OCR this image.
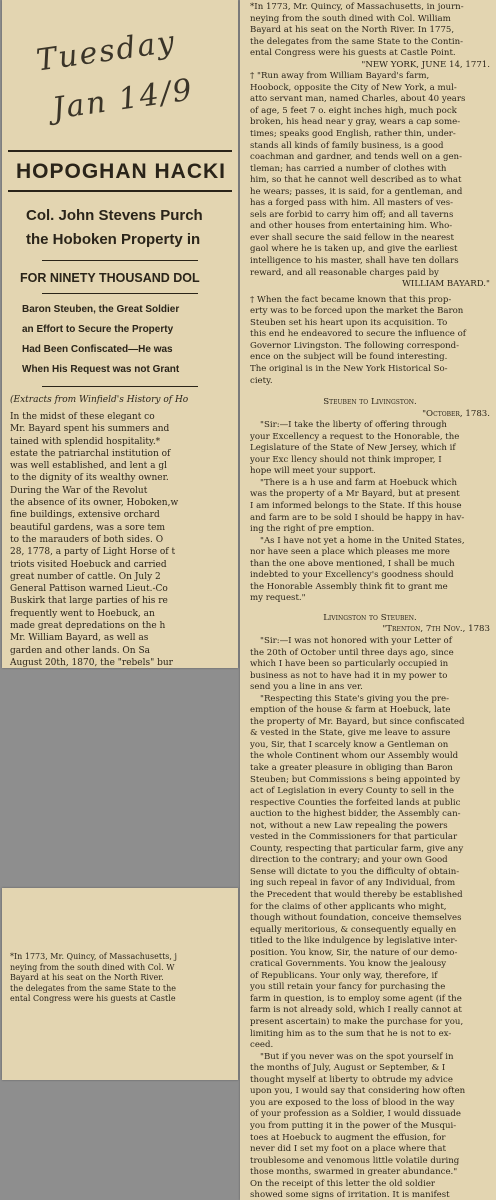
Tuesday
Jan 14/9
HOPOGHAN HACKI
Col. John Stevens Purch
the Hoboken Property in
FOR NINETY THOUSAND DOL
Baron Steuben, the Great Soldier
an Effort to Secure the Property
Had Been Confiscated—He was
When His Request was not Grant
(Extracts from Winfield's History of Ho

In the midst of these elegant co

Mr. Bayard spent his summers and

tained with splendid hospitality.*

estate the patriarchal institution of

was well established, and lent a gl

to the dignity of its wealthy owner.

During the War of the Revolut

the absence of its owner, Hoboken,w

fine buildings, extensive orchard

beautiful gardens, was a sore tem

to the marauders of both sides. O

28, 1778, a party of Light Horse of t

triots visited Hoebuck and carried

great number of cattle. On July 2

General Pattison warned Lieut.-Co

Buskirk that large parties of his re

frequently went to Hoebuck, an

made great depredations on the h

Mr. William Bayard, as well as

garden and other lands. On Sa

August 20th, 1870, the "rebels" bur

*In 1773, Mr. Quincy, of Massachusetts, j

neying from the south dined with Col. W

Bayard at his seat on the North River.

the delegates from the same State to the

ental Congress were his guests at Castle

*In 1773, Mr. Quincy, of Massachusetts, in journ-

neying from the south dined with Col. William

Bayard at his seat on the North River. In 1775,

the delegates from the same State to the Contin-

ental Congress were his guests at Castle Point.

"NEW YORK, JUNE 14, 1771.

† "Run away from William Bayard's farm,

Hoobock, opposite the City of New York, a mul-

atto servant man, named Charles, about 40 years

of age, 5 feet 7 o. eight inches high, much pock

broken, his head near y gray, wears a cap some-

times; speaks good English, rather thin, under-

stands all kinds of family business, is a good

coachman and gardner, and tends well on a gen-

tleman; has carried a number of clothes with

him, so that he cannot well described as to what

he wears; passes, it is said, for a gentleman, and

has a forged pass with him. All masters of ves-

sels are forbid to carry him off; and all taverns

and other houses from entertaining him. Who-

ever shall secure the said fellow in the nearest

gaol where he is taken up, and give the earliest

intelligence to his master, shall have ten dollars

reward, and all reasonable charges paid by

WILLIAM BAYARD."

† When the fact became known that this prop-

erty was to be forced upon the market the Baron

Steuben set his heart upon its acquisition. To

this end he endeavored to secure the influence of

Governor Livingston. The following correspond-

ence on the subject will be found interesting.

The original is in the New York Historical So-

ciety.

Steuben to Livingston.
"October, 1783.

"Sir:—I take the liberty of offering through

your Excellency a request to the Honorable, the

Legislature of the State of New Jersey, which if

your Exc llency should not think improper, I

hope will meet your support.

"There is a h use and farm at Hoebuck which

was the property of a Mr Bayard, but at present

I am informed belongs to the State. If this house

and farm are to be sold I should be happy in hav-

ing the right of pre emption.

"As I have not yet a home in the United States,

nor have seen a place which pleases me more

than the one above mentioned, I shall be much

indebted to your Excellency's goodness should

the Honorable Assembly think fit to grant me

my request."

Livingston to Steuben.
"Trenton, 7th Nov., 1783

"Sir:—I was not honored with your Letter of

the 20th of October until three days ago, since

which I have been so particularly occupied in

business as not to have had it in my power to

send you a line in ans ver.

"Respecting this State's giving you the pre-

emption of the house & farm at Hoebuck, late

the property of Mr. Bayard, but since confiscated

& vested in the State, give me leave to assure

you, Sir, that I scarcely know a Gentleman on

the whole Continent whom our Assembly would

take a greater pleasure in obliging than Baron

Steuben; but Commissions s being appointed by

act of Legislation in every County to sell in the

respective Counties the forfeited lands at public

auction to the highest bidder, the Assembly can-

not, without a new Law repealing the powers

vested in the Commissioners for that particular

County, respecting that particular farm, give any

direction to the contrary; and your own Good

Sense will dictate to you the difficulty of obtain-

ing such repeal in favor of any Individual, from

the Precedent that would thereby be established

for the claims of other applicants who might,

though without foundation, conceive themselves

equally meritorious, & consequently equally en

titled to the like indulgence by legislative inter-

position. You know, Sir, the nature of our demo-

cratical Governments. You know the jealousy

of Republicans. Your only way, therefore, if

you still retain your fancy for purchasing the

farm in question, is to employ some agent (if the

farm is not already sold, which I really cannot at

present ascertain) to make the purchase for you,

limiting him as to the sum that he is not to ex-

ceed.

"But if you never was on the spot yourself in

the months of July, August or September, & I

thought myself at liberty to obtrude my advice

upon you, I would say that considering how often

you are exposed to the loss of blood in the way

of your profession as a Soldier, I would dissuade

you from putting it in the power of the Musqui-

toes at Hoebuck to augment the effusion, for

never did I set my foot on a place where that

troublesome and venomous little volatile during

those months, swarmed in greater abundance."

On the receipt of this letter the old soldier

showed some signs of irritation. It is manifest
